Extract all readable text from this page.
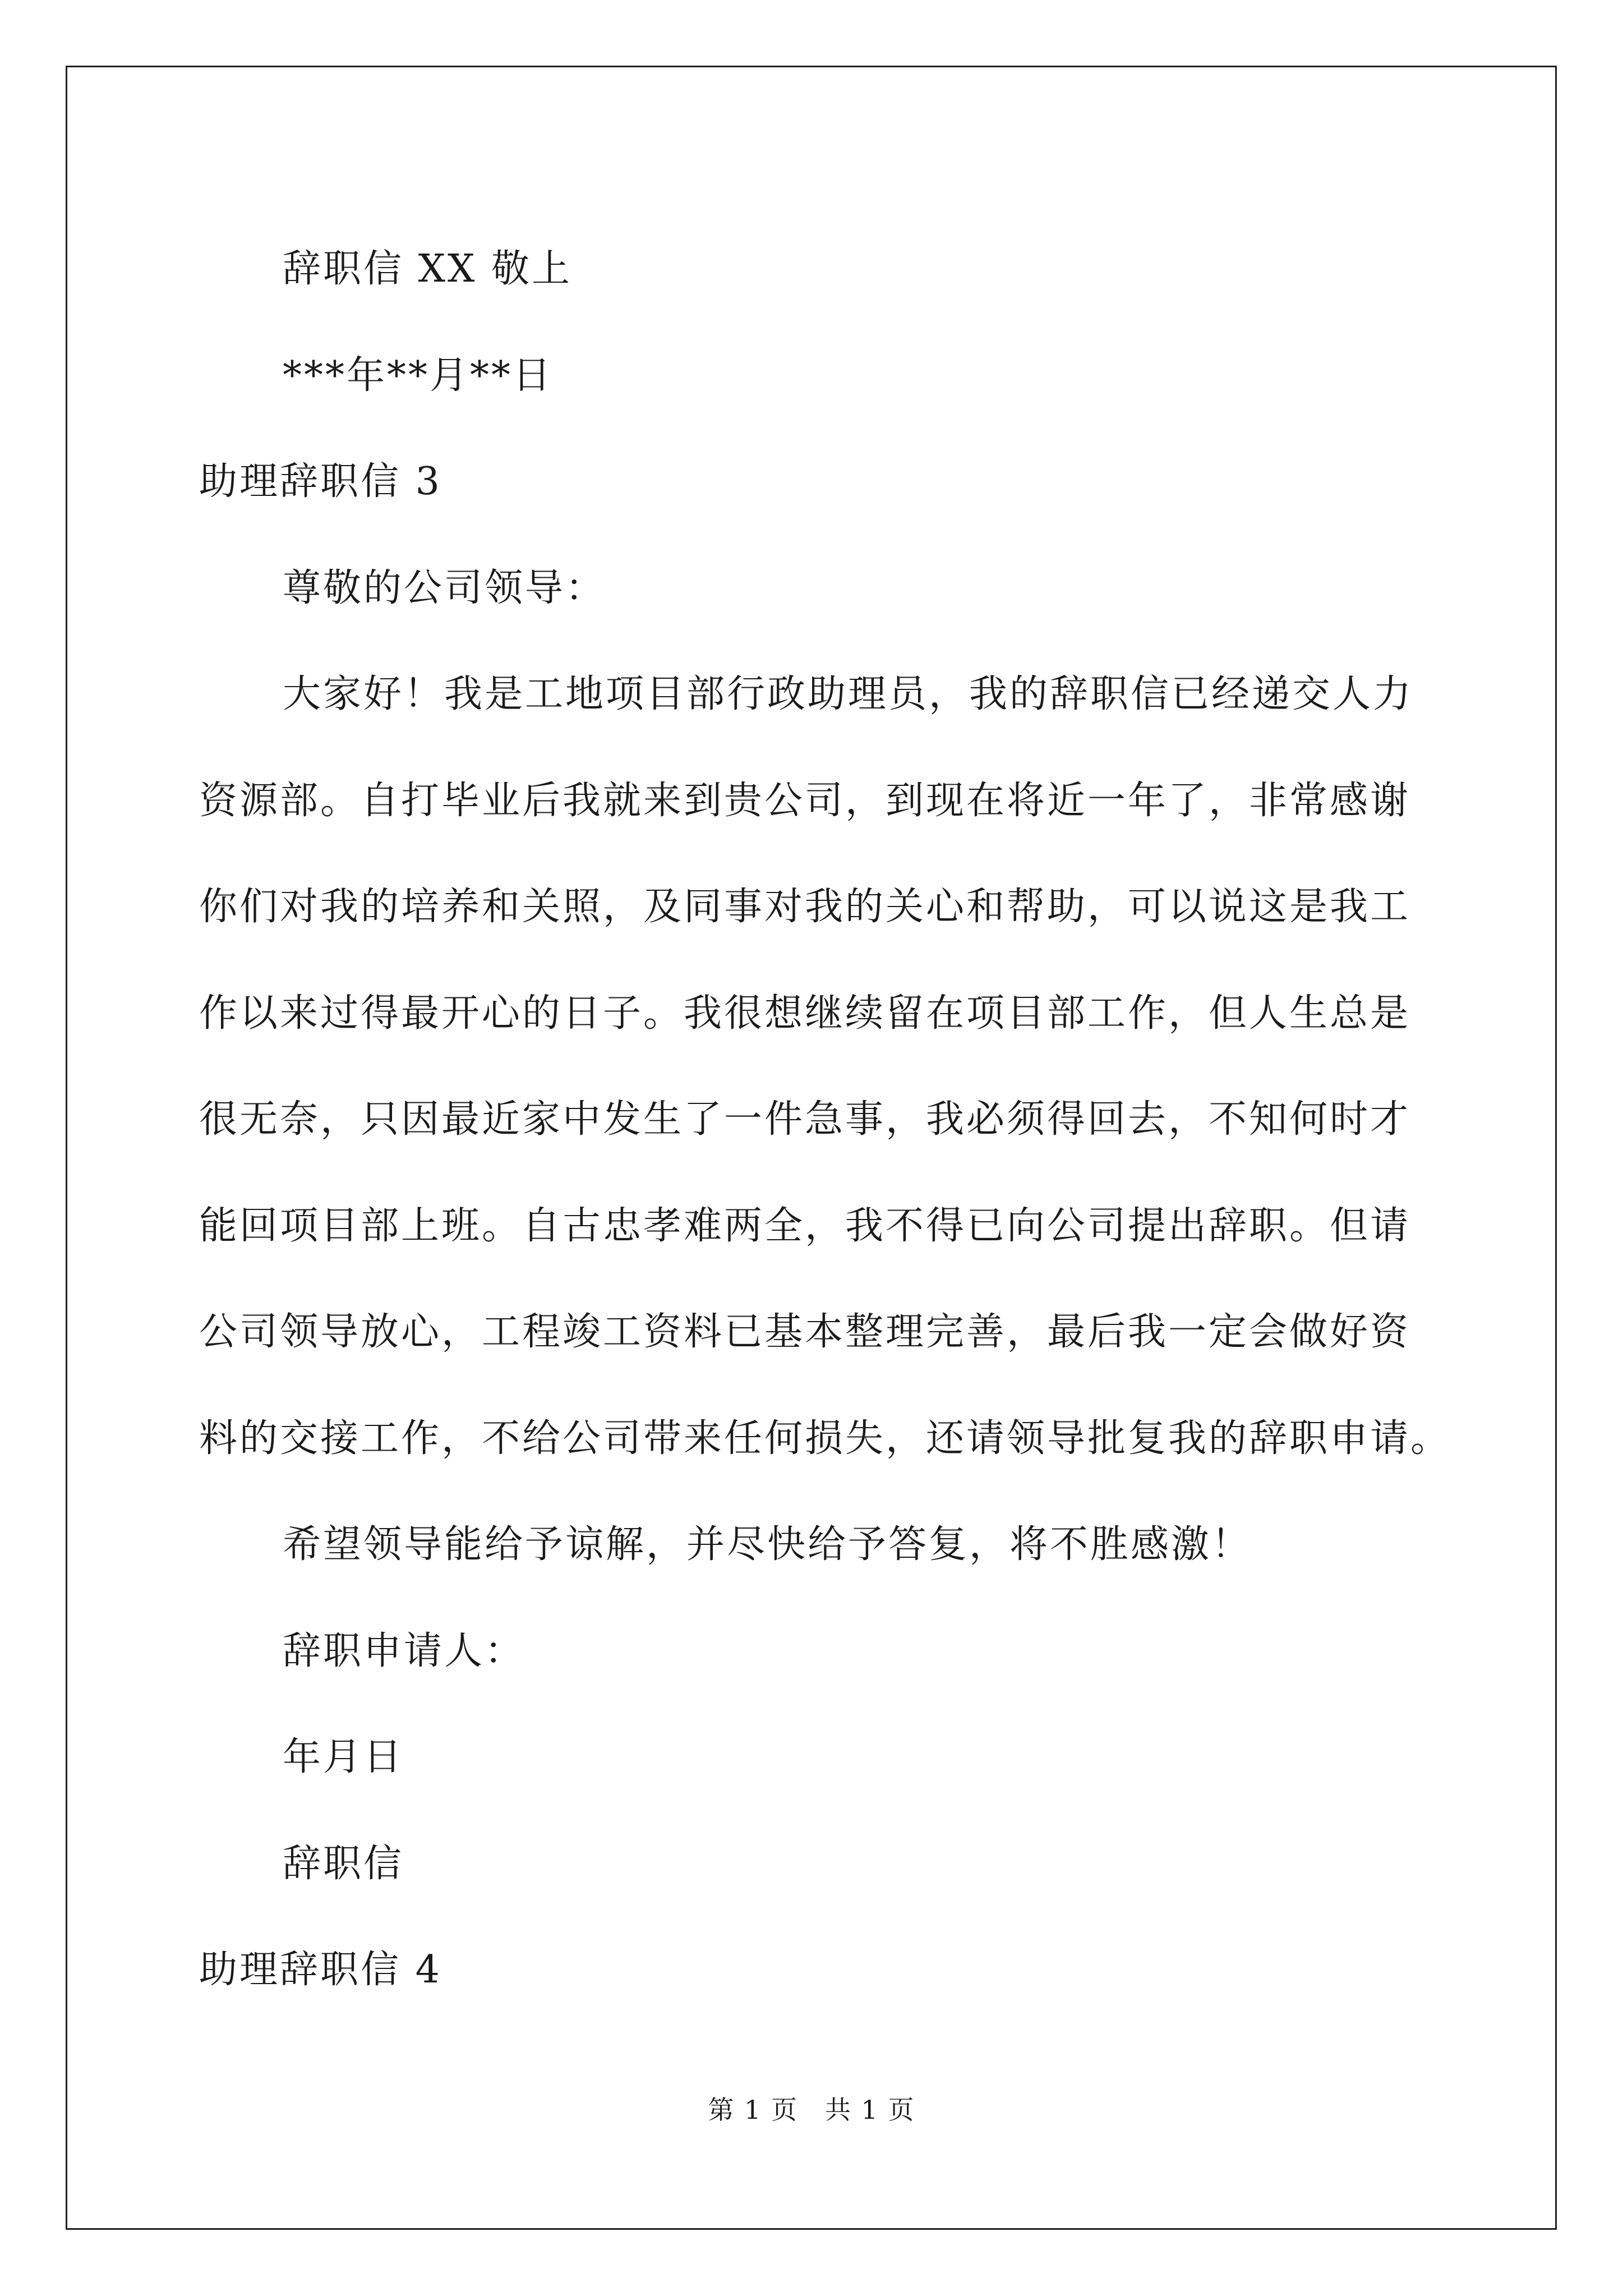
辞职信 XX 敬上
***年**月**日
助理辞职信 3
尊敬的公司领导：
大家好！我是工地项目部行政助理员，我的辞职信已经递交人力
资源部。自打毕业后我就来到贵公司，到现在将近一年了，非常感谢
你们对我的培养和关照，及同事对我的关心和帮助，可以说这是我工
作以来过得最开心的日子。我很想继续留在项目部工作，但人生总是
很无奈，只因最近家中发生了一件急事，我必须得回去，不知何时才
能回项目部上班。自古忠孝难两全，我不得已向公司提出辞职。但请
公司领导放心，工程竣工资料已基本整理完善，最后我一定会做好资
料的交接工作，不给公司带来任何损失，还请领导批复我的辞职申请。
希望领导能给予谅解，并尽快给予答复，将不胜感激！
辞职申请人：
年月日
辞职信
助理辞职信 4
第 1 页　共 1 页
